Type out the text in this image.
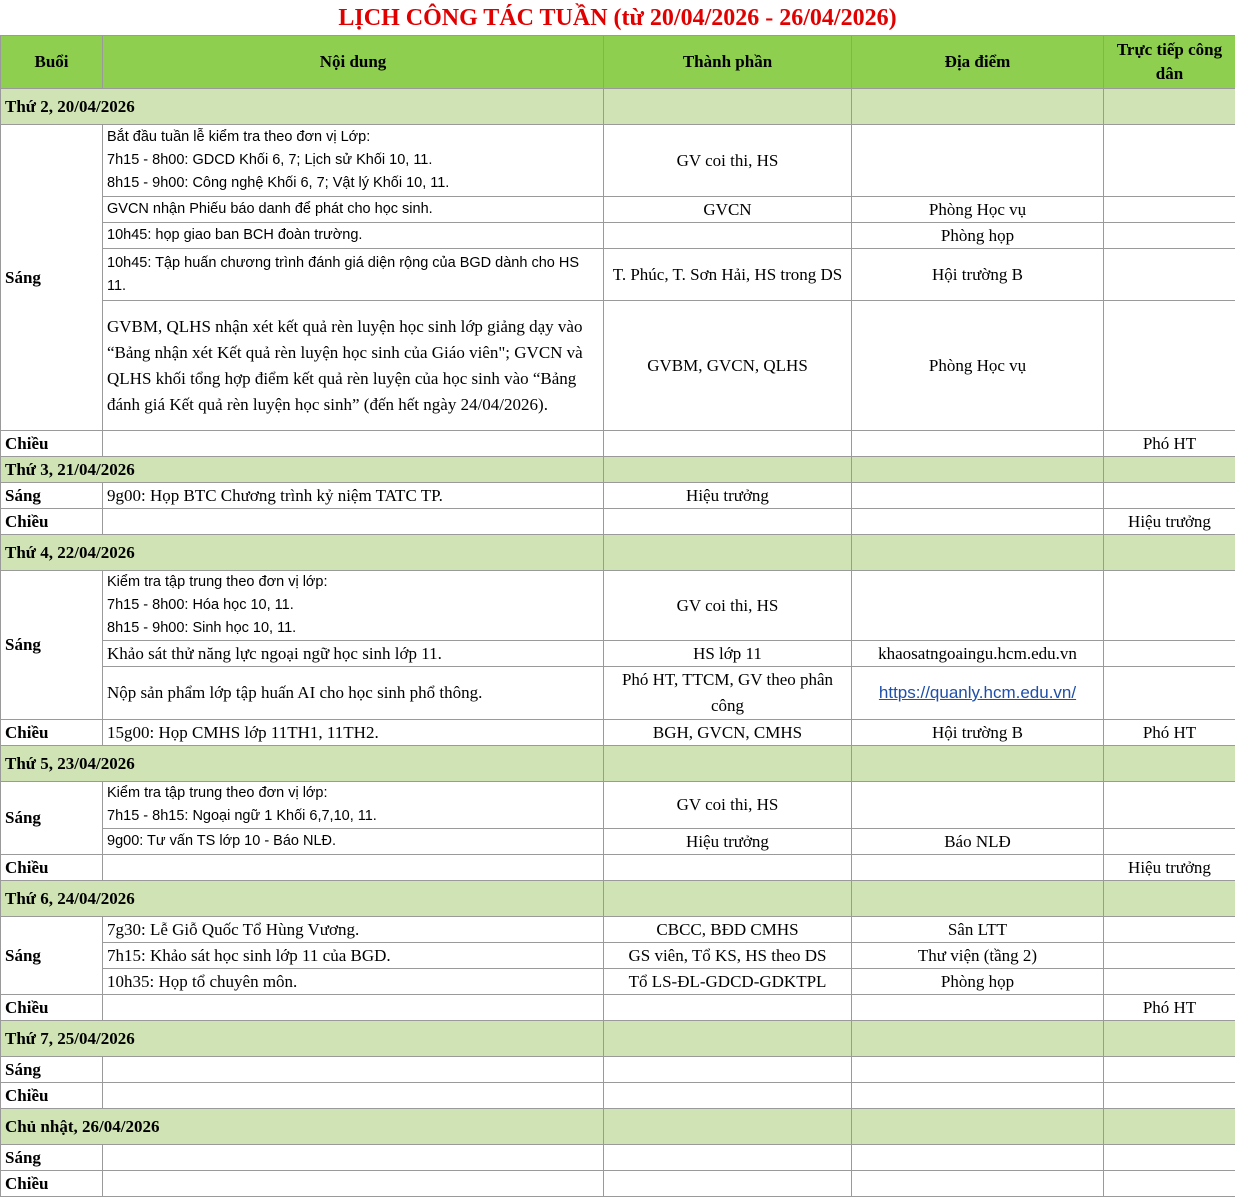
LỊCH CÔNG TÁC TUẦN (từ 20/04/2026 - 26/04/2026)
Buổi	Nội dung	Thành phần	Địa điểm	Trực tiếp công dân
Thứ 2, 20/04/2026				
Sáng	Bắt đầu tuần lễ kiểm tra theo đơn vị Lớp:
7h15 - 8h00: GDCD Khối 6, 7; Lịch sử Khối 10, 11.
8h15 - 9h00: Công nghệ Khối 6, 7; Vật lý Khối 10, 11.	GV coi thi, HS		
	GVCN nhận Phiếu báo danh để phát cho học sinh.	GVCN	Phòng Học vụ	
	10h45: họp giao ban BCH đoàn trường.		Phòng họp	
	10h45: Tập huấn chương trình đánh giá diện rộng của BGD dành cho HS 11.	T. Phúc, T. Sơn Hải, HS trong DS	Hội trường B	
	GVBM, QLHS nhận xét kết quả rèn luyện học sinh lớp giảng dạy vào “Bảng nhận xét Kết quả rèn luyện học sinh của Giáo viên"; GVCN và QLHS khối tổng hợp điểm kết quả rèn luyện của học sinh vào “Bảng đánh giá Kết quả rèn luyện học sinh” (đến hết ngày 24/04/2026).	GVBM, GVCN, QLHS	Phòng Học vụ	
Chiều				Phó HT
Thứ 3, 21/04/2026				
Sáng	9g00: Họp BTC Chương trình kỷ niệm TATC TP.	Hiệu trưởng		
Chiều				Hiệu trưởng
Thứ 4, 22/04/2026				
Sáng	Kiểm tra tập trung theo đơn vị lớp:
7h15 - 8h00: Hóa học 10, 11.
8h15 - 9h00: Sinh học 10, 11.	GV coi thi, HS		
	Khảo sát thử năng lực ngoại ngữ học sinh lớp 11.	HS lớp 11	khaosatngoaingu.hcm.edu.vn	
	Nộp sản phẩm lớp tập huấn AI cho học sinh phổ thông.	Phó HT, TTCM, GV theo phân công	https://quanly.hcm.edu.vn/	
Chiều	15g00: Họp CMHS lớp 11TH1, 11TH2.	BGH, GVCN, CMHS	Hội trường B	Phó HT
Thứ 5, 23/04/2026				
Sáng	Kiểm tra tập trung theo đơn vị lớp:
7h15 - 8h15: Ngoại ngữ 1 Khối 6,7,10, 11.	GV coi thi, HS		
	9g00: Tư vấn TS lớp 10 - Báo NLĐ.	Hiệu trưởng	Báo NLĐ	
Chiều				Hiệu trưởng
Thứ 6, 24/04/2026				
Sáng	7g30: Lễ Giỗ Quốc Tổ Hùng Vương.	CBCC, BĐD CMHS	Sân LTT	
	7h15: Khảo sát học sinh lớp 11 của BGD.	GS viên, Tổ KS, HS theo DS	Thư viện (tầng 2)	
	10h35: Họp tổ chuyên môn.	Tổ LS-ĐL-GDCD-GDKTPL	Phòng họp	
Chiều				Phó HT
Thứ 7, 25/04/2026				
Sáng				
Chiều				
Chủ nhật, 26/04/2026				
Sáng				
Chiều				
